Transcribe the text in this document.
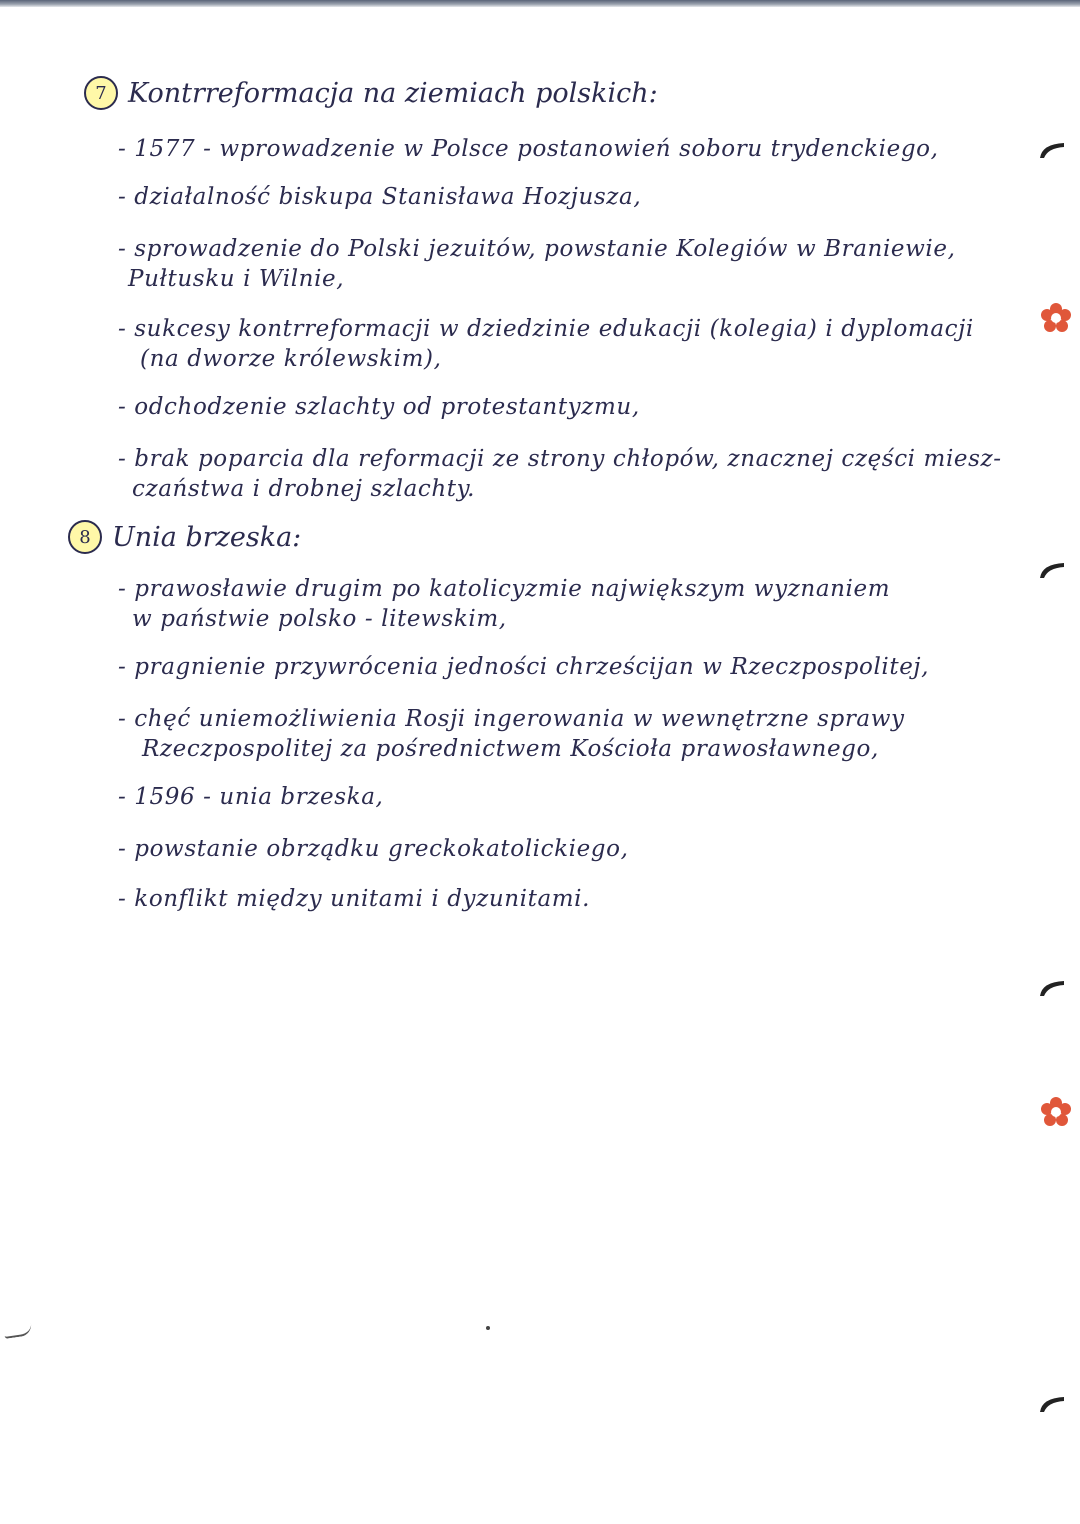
7 Kontrreformacja na ziemiach polskich:
- 1577 - wprowadzenie w Polsce postanowień soboru trydenckiego,
- działalność biskupa Stanisława Hozjusza,
- sprowadzenie do Polski jezuitów, powstanie Kolegiów w Braniewie,
Pułtusku i Wilnie,
- sukcesy kontrreformacji w dziedzinie edukacji (kolegia) i dyplomacji
(na dworze królewskim),
- odchodzenie szlachty od protestantyzmu,
- brak poparcia dla reformacji ze strony chłopów, znacznej części miesz-
czaństwa i drobnej szlachty.
8 Unia brzeska:
- prawosławie drugim po katolicyzmie największym wyznaniem
w państwie polsko - litewskim,
- pragnienie przywrócenia jedności chrześcijan w Rzeczpospolitej,
- chęć uniemożliwienia Rosji ingerowania w wewnętrzne sprawy
Rzeczpospolitej za pośrednictwem Kościoła prawosławnego,
- 1596 - unia brzeska,
- powstanie obrządku greckokatolickiego,
- konflikt między unitami i dyzunitami.
